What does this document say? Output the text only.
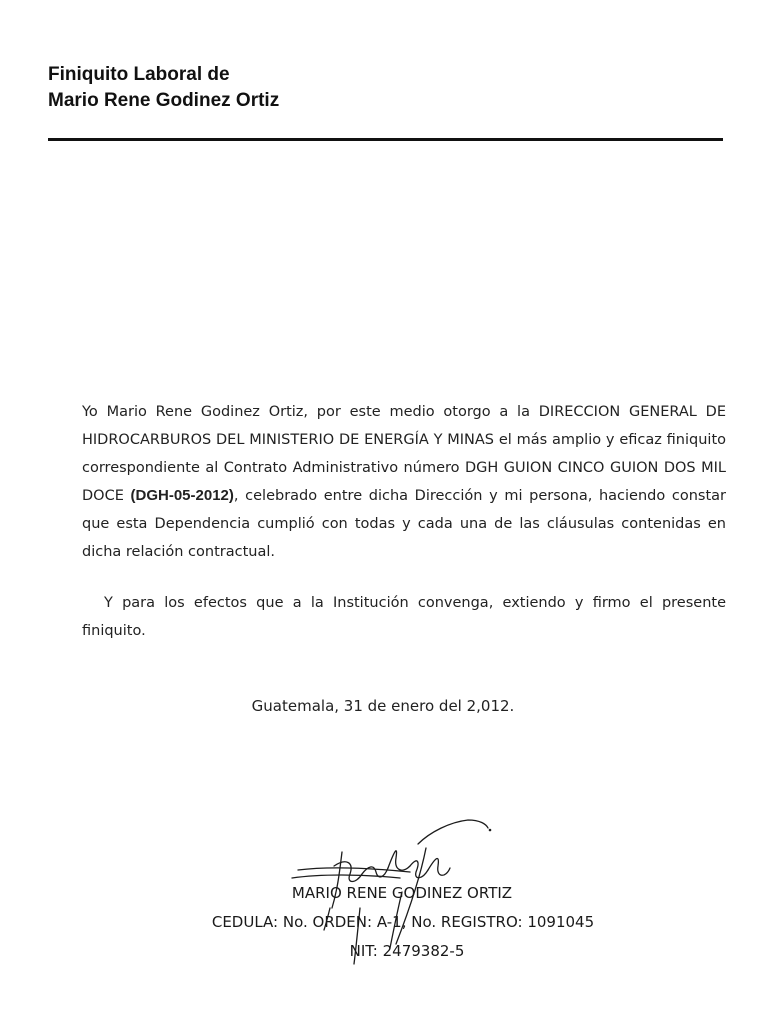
Finiquito Laboral de
Mario Rene Godinez Ortiz

Yo Mario Rene Godinez Ortiz, por este medio otorgo a la DIRECCION GENERAL DE HIDROCARBUROS DEL MINISTERIO DE ENERGÍA Y MINAS el más amplio y eficaz finiquito correspondiente al Contrato Administrativo número DGH GUION CINCO GUION DOS MIL DOCE (DGH-05-2012), celebrado entre dicha Dirección y mi persona, haciendo constar que esta Dependencia cumplió con todas y cada una de las cláusulas contenidas en dicha relación contractual.

Y para los efectos que a la Institución convenga, extiendo y firmo el presente finiquito.

Guatemala, 31 de enero del 2,012.
MARIO RENE GODINEZ ORTIZ
CEDULA: No. ORDEN: A-1, No. REGISTRO: 1091045
NIT: 2479382-5
